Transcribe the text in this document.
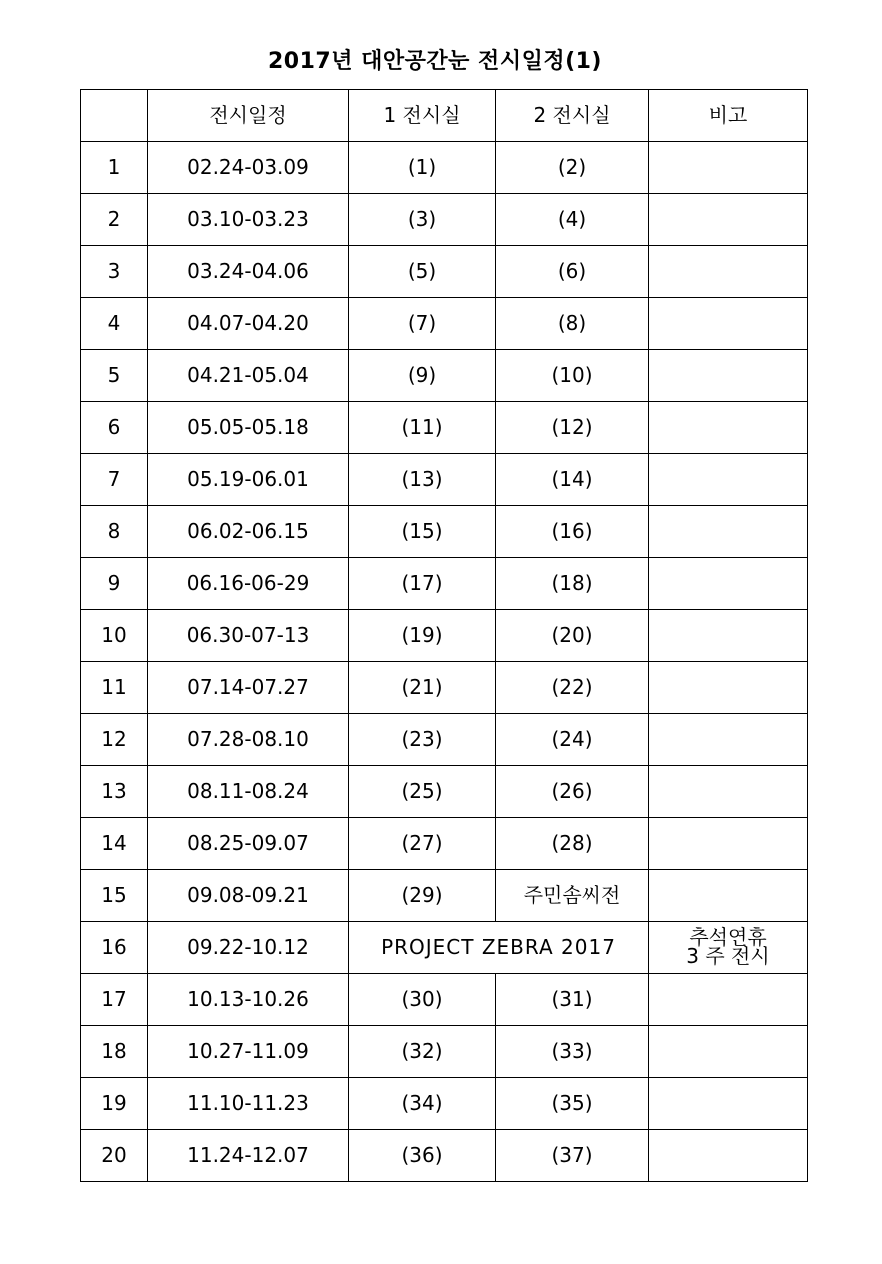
2017년 대안공간눈 전시일정(1)
	전시일정	1 전시실	2 전시실	비고
1	02.24-03.09	(1)	(2)	
2	03.10-03.23	(3)	(4)	
3	03.24-04.06	(5)	(6)	
4	04.07-04.20	(7)	(8)	
5	04.21-05.04	(9)	(10)	
6	05.05-05.18	(11)	(12)	
7	05.19-06.01	(13)	(14)	
8	06.02-06.15	(15)	(16)	
9	06.16-06-29	(17)	(18)	
10	06.30-07-13	(19)	(20)	
11	07.14-07.27	(21)	(22)	
12	07.28-08.10	(23)	(24)	
13	08.11-08.24	(25)	(26)	
14	08.25-09.07	(27)	(28)	
15	09.08-09.21	(29)	주민솜씨전	
16	09.22-10.12	PROJECT ZEBRA 2017		추석연휴
3 주 전시

17	10.13-10.26	(30)	(31)	
18	10.27-11.09	(32)	(33)	
19	11.10-11.23	(34)	(35)	
20	11.24-12.07	(36)	(37)	
